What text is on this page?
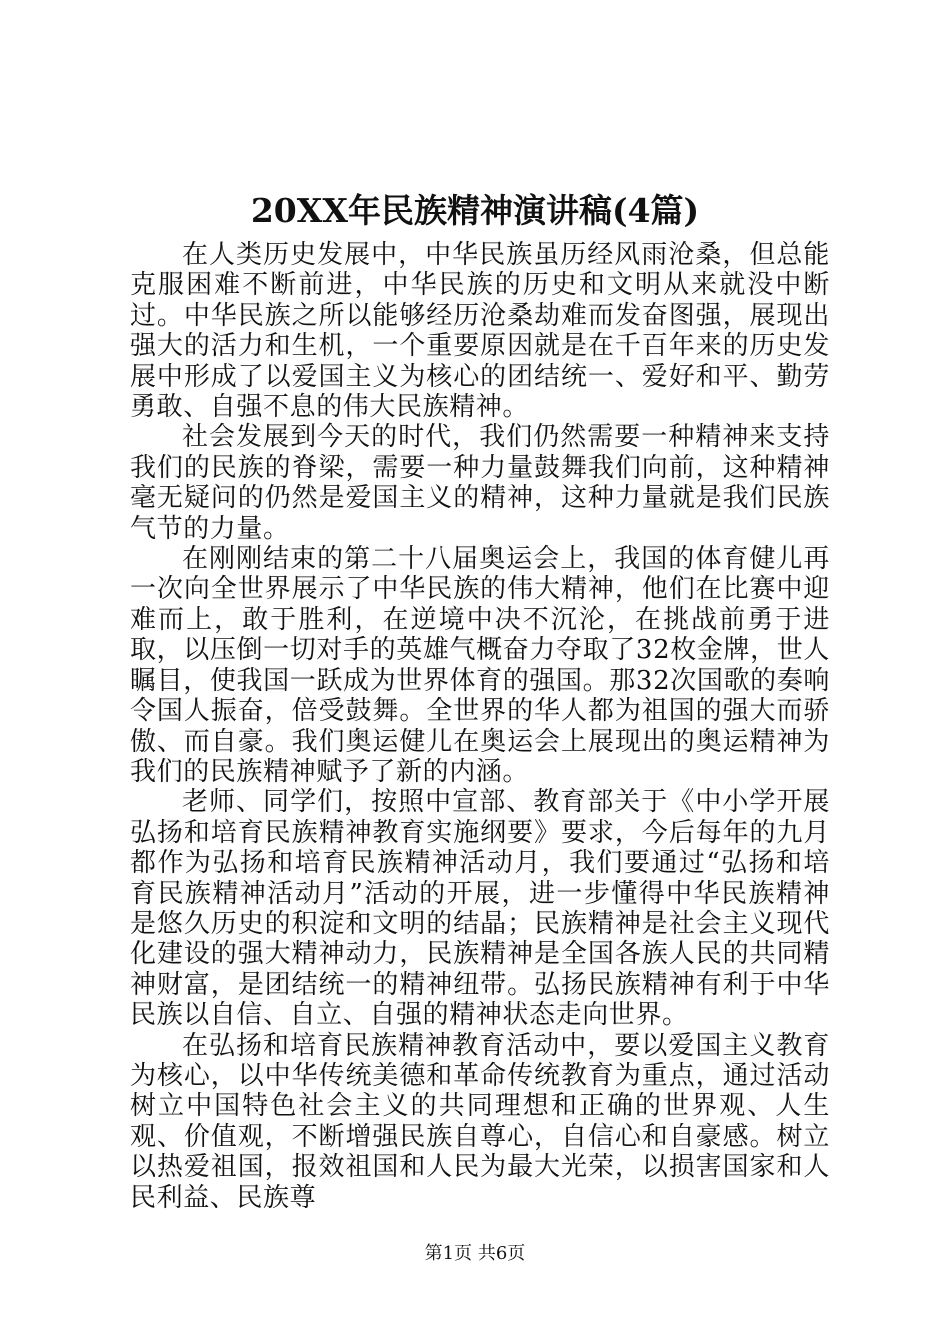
20XX年民族精神演讲稿(4篇)

在人类历史发展中，中华民族虽历经风雨沧桑，但总能克服困难不断前进，中华民族的历史和文明从来就没中断过。中华民族之所以能够经历沧桑劫难而发奋图强，展现出强大的活力和生机，一个重要原因就是在千百年来的历史发展中形成了以爱国主义为核心的团结统一、爱好和平、勤劳勇敢、自强不息的伟大民族精神。

社会发展到今天的时代，我们仍然需要一种精神来支持我们的民族的脊梁，需要一种力量鼓舞我们向前，这种精神毫无疑问的仍然是爱国主义的精神，这种力量就是我们民族气节的力量。

在刚刚结束的第二十八届奥运会上，我国的体育健儿再一次向全世界展示了中华民族的伟大精神，他们在比赛中迎难而上，敢于胜利，在逆境中决不沉沦，在挑战前勇于进取，以压倒一切对手的英雄气概奋力夺取了32枚金牌，世人瞩目，使我国一跃成为世界体育的强国。那32次国歌的奏响令国人振奋，倍受鼓舞。全世界的华人都为祖国的强大而骄傲、而自豪。我们奥运健儿在奥运会上展现出的奥运精神为我们的民族精神赋予了新的内涵。

老师、同学们，按照中宣部、教育部关于《中小学开展弘扬和培育民族精神教育实施纲要》要求，今后每年的九月都作为弘扬和培育民族精神活动月，我们要通过“弘扬和培育民族精神活动月”活动的开展，进一步懂得中华民族精神是悠久历史的积淀和文明的结晶；民族精神是社会主义现代化建设的强大精神动力，民族精神是全国各族人民的共同精神财富，是团结统一的精神纽带。弘扬民族精神有利于中华民族以自信、自立、自强的精神状态走向世界。

在弘扬和培育民族精神教育活动中，要以爱国主义教育为核心，以中华传统美德和革命传统教育为重点，通过活动树立中国特色社会主义的共同理想和正确的世界观、人生观、价值观，不断增强民族自尊心，自信心和自豪感。树立以热爱祖国，报效祖国和人民为最大光荣，以损害国家和人民利益、民族尊

第1页 共6页
